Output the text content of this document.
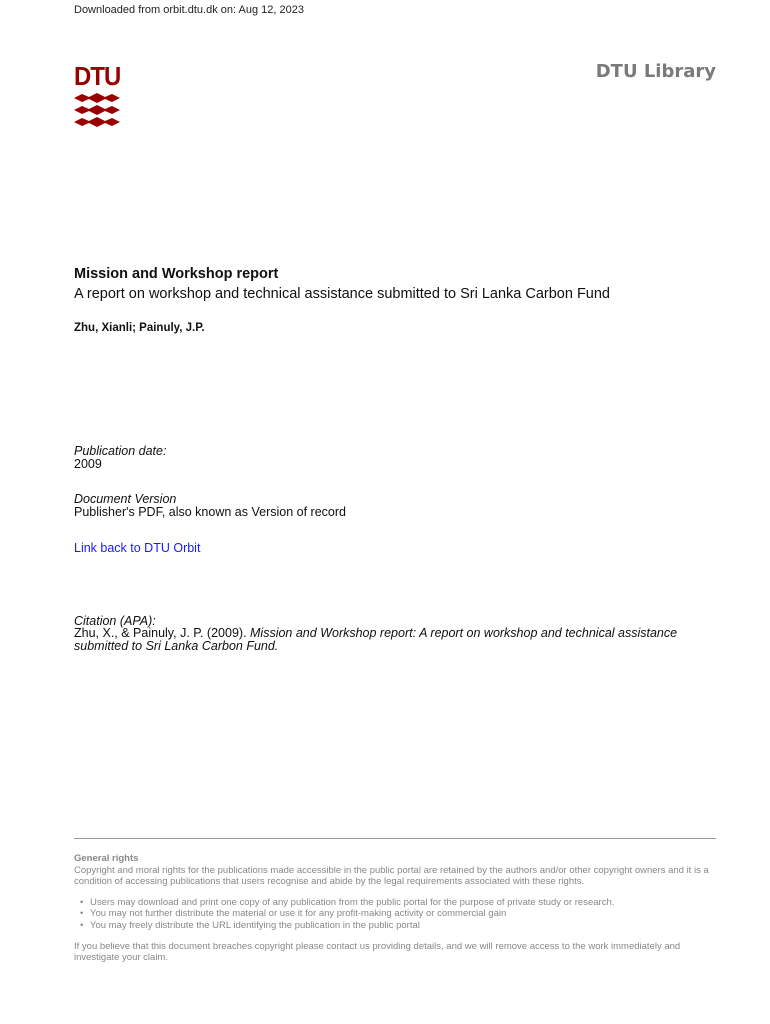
Downloaded from orbit.dtu.dk on: Aug 12, 2023
DTU	DTU Library
Mission and Workshop report
A report on workshop and technical assistance submitted to Sri Lanka Carbon Fund
Zhu, Xianli; Painuly, J.P.
Publication date:
2009
Document Version
Publisher's PDF, also known as Version of record
Link back to DTU Orbit
Citation (APA):
Zhu, X., & Painuly, J. P. (2009). Mission and Workshop report: A report on workshop and technical assistance submitted to Sri Lanka Carbon Fund.
General rights
Copyright and moral rights for the publications made accessible in the public portal are retained by the authors and/or other copyright owners and it is a condition of accessing publications that users recognise and abide by the legal requirements associated with these rights.
• Users may download and print one copy of any publication from the public portal for the purpose of private study or research.
• You may not further distribute the material or use it for any profit-making activity or commercial gain
• You may freely distribute the URL identifying the publication in the public portal
If you believe that this document breaches copyright please contact us providing details, and we will remove access to the work immediately and investigate your claim.
